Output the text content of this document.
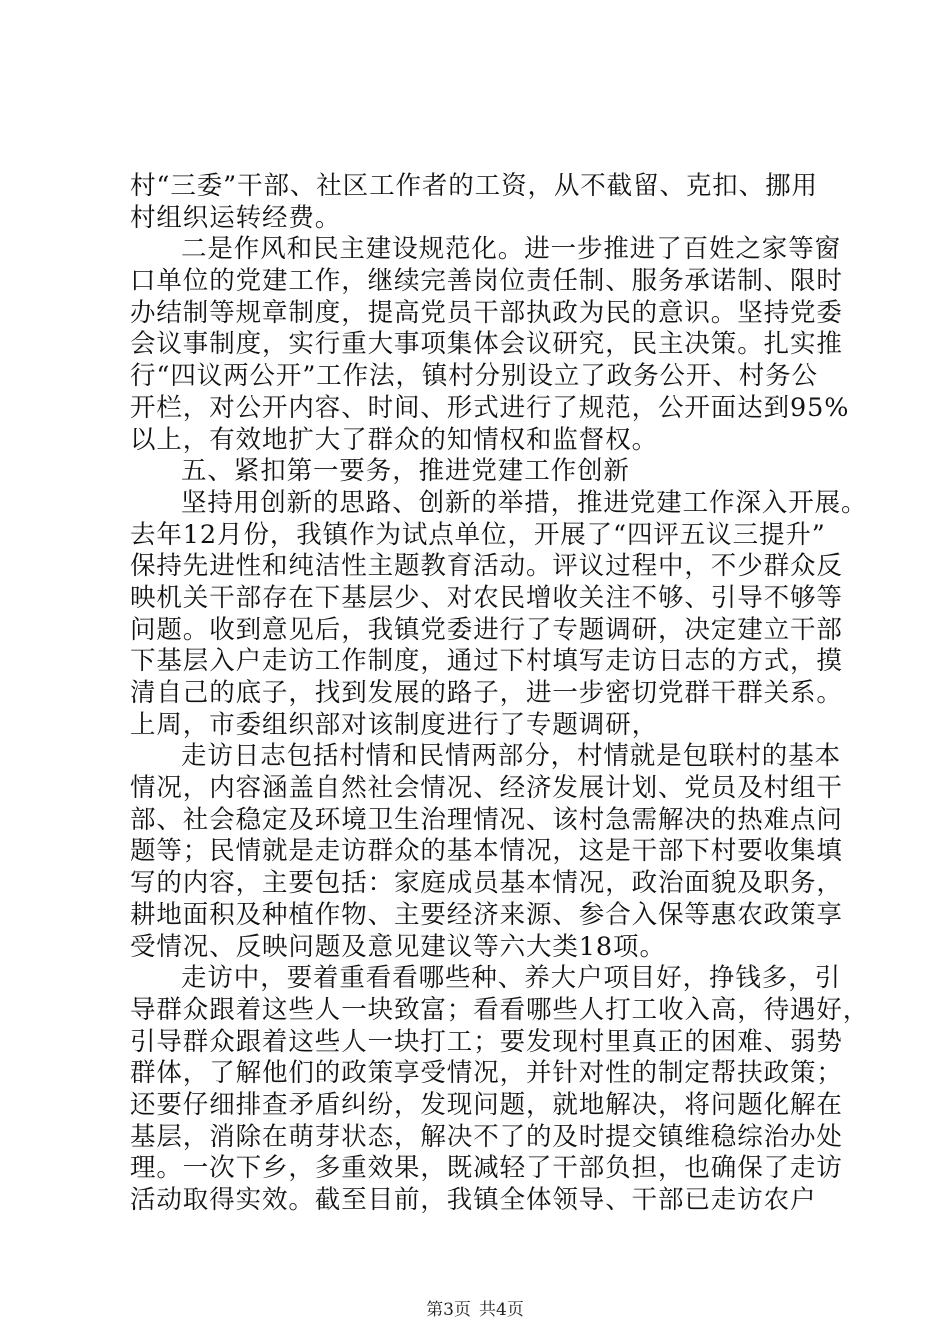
村“三委”干部、社区工作者的工资，从不截留、克扣、挪用
村组织运转经费。
二是作风和民主建设规范化。进一步推进了百姓之家等窗
口单位的党建工作，继续完善岗位责任制、服务承诺制、限时
办结制等规章制度，提高党员干部执政为民的意识。坚持党委
会议事制度，实行重大事项集体会议研究，民主决策。扎实推
行“四议两公开”工作法，镇村分别设立了政务公开、村务公
开栏，对公开内容、时间、形式进行了规范，公开面达到95%
以上，有效地扩大了群众的知情权和监督权。
五、紧扣第一要务，推进党建工作创新
坚持用创新的思路、创新的举措，推进党建工作深入开展。
去年12月份，我镇作为试点单位，开展了“四评五议三提升”
保持先进性和纯洁性主题教育活动。评议过程中，不少群众反
映机关干部存在下基层少、对农民增收关注不够、引导不够等
问题。收到意见后，我镇党委进行了专题调研，决定建立干部
下基层入户走访工作制度，通过下村填写走访日志的方式，摸
清自己的底子，找到发展的路子，进一步密切党群干群关系。
上周，市委组织部对该制度进行了专题调研，
走访日志包括村情和民情两部分，村情就是包联村的基本
情况，内容涵盖自然社会情况、经济发展计划、党员及村组干
部、社会稳定及环境卫生治理情况、该村急需解决的热难点问
题等；民情就是走访群众的基本情况，这是干部下村要收集填
写的内容，主要包括：家庭成员基本情况，政治面貌及职务，
耕地面积及种植作物、主要经济来源、参合入保等惠农政策享
受情况、反映问题及意见建议等六大类18项。
走访中，要着重看看哪些种、养大户项目好，挣钱多，引
导群众跟着这些人一块致富；看看哪些人打工收入高，待遇好，
引导群众跟着这些人一块打工；要发现村里真正的困难、弱势
群体，了解他们的政策享受情况，并针对性的制定帮扶政策；
还要仔细排查矛盾纠纷，发现问题，就地解决，将问题化解在
基层，消除在萌芽状态，解决不了的及时提交镇维稳综治办处
理。一次下乡，多重效果，既减轻了干部负担，也确保了走访
活动取得实效。截至目前，我镇全体领导、干部已走访农户
第3页 共4页
